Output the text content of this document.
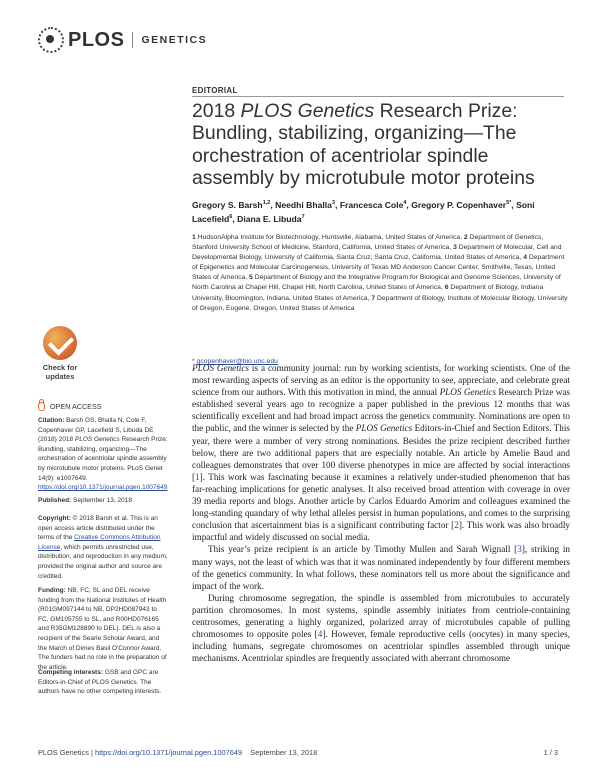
PLOS GENETICS
EDITORIAL
2018 PLOS Genetics Research Prize: Bundling, stabilizing, organizing—The orchestration of acentriolar spindle assembly by microtubule motor proteins
Gregory S. Barsh$^{1,2}$, Needhi Bhalla$^3$, Francesca Cole$^4$, Gregory P. Copenhaver$^{5*}$, Soni Lacefield$^6$, Diana E. Libuda$^7$
1 HudsonAlpha Institute for Biotechnology, Huntsville, Alabama, United States of America, 2 Department of Genetics, Stanford University School of Medicine, Stanford, California, United States of America, 3 Department of Molecular, Cell and Developmental Biology, University of California, Santa Cruz, Santa Cruz, California, United States of America, 4 Department of Epigenetics and Molecular Carcinogenesis, University of Texas MD Anderson Cancer Center, Smithville, Texas, United States of America, 5 Department of Biology and the Integrative Program for Biological and Genome Sciences, University of North Carolina at Chapel Hill, Chapel Hill, North Carolina, United States of America, 6 Department of Biology, Indiana University, Bloomington, Indiana, United States of America, 7 Department of Biology, Institute of Molecular Biology, University of Oregon, Eugene, Oregon, United States of America
* gcopenhaver@bio.unc.edu
Check for
updates
OPEN ACCESS
Citation: Barsh GS, Bhalla N, Cole F, Copenhaver GP, Lacefield S, Libuda DE (2018) 2018 PLOS Genetics Research Prize: Bundling, stabilizing, organizing—The orchestration of acentriolar spindle assembly by microtubule motor proteins. PLoS Genet 14(9): e1007649. https://doi.org/10.1371/journal.pgen.1007649
Published: September 13, 2018
Copyright: © 2018 Barsh et al. This is an open access article distributed under the terms of the Creative Commons Attribution License, which permits unrestricted use, distribution, and reproduction in any medium, provided the original author and source are credited.
Funding: NB, FC, SL and DEL receive funding from the National Institutes of Health (R01GM097144 to NB, DP2HD087943 to FC, GM105755 to SL, and R00HD076165 and R35GM128890 to DEL). DEL is also a recipient of the Searle Scholar Award, and the March of Dimes Basil O'Connor Award. The funders had no role in the preparation of the article.
Competing interests: GSB and GPC are Editors-in-Chief of PLOS Genetics. The authors have no other competing interests.

PLOS Genetics is a community journal: run by working scientists, for working scientists. One of the most rewarding aspects of serving as an editor is the opportunity to see, appreciate, and celebrate great science from our authors. With this motivation in mind, the annual PLOS Genetics Research Prize was established several years ago to recognize a paper published in the previous 12 months that was scientifically excellent and had broad impact across the genetics community. Nominations are open to the public, and the winner is selected by the PLOS Genetics Editors-in-Chief and Section Editors. This year, there were a number of very strong nominations. Besides the prize recipient described further below, there are two additional papers that are especially notable. An article by Amelie Baud and colleagues demonstrates that over 100 diverse phenotypes in mice are affected by social interactions [1]. This work was fascinating because it examines a relatively under-studied phenomenon that has far-reaching implications for genetic analyses. It also received broad attention with coverage in over 39 media reports and blogs. Another article by Carlos Eduardo Amorim and colleagues examined the long-standing quandary of why lethal alleles persist in human populations, and comes to the surprising conclusion that ascertainment bias is a significant contributing factor [2]. This work was also broadly impactful and widely discussed on social media.

This year’s prize recipient is an article by Timothy Mullen and Sarah Wignall [3], striking in many ways, not the least of which was that it was nominated independently by four different members of the genetics community. In what follows, these nominators tell us more about the significance and impact of the work.

During chromosome segregation, the spindle is assembled from microtubules to accurately partition chromosomes. In most systems, spindle assembly initiates from centriole-containing centrosomes, generating a highly organized, polarized array of microtubules capable of pulling chromosomes to opposite poles [4]. However, female reproductive cells (oocytes) in many species, including humans, segregate chromosomes on acentriolar spindles assembled through unique mechanisms. Acentriolar spindles are frequently associated with aberrant chromosome

PLOS Genetics | https://doi.org/10.1371/journal.pgen.1007649 September 13, 2018	1 / 3
